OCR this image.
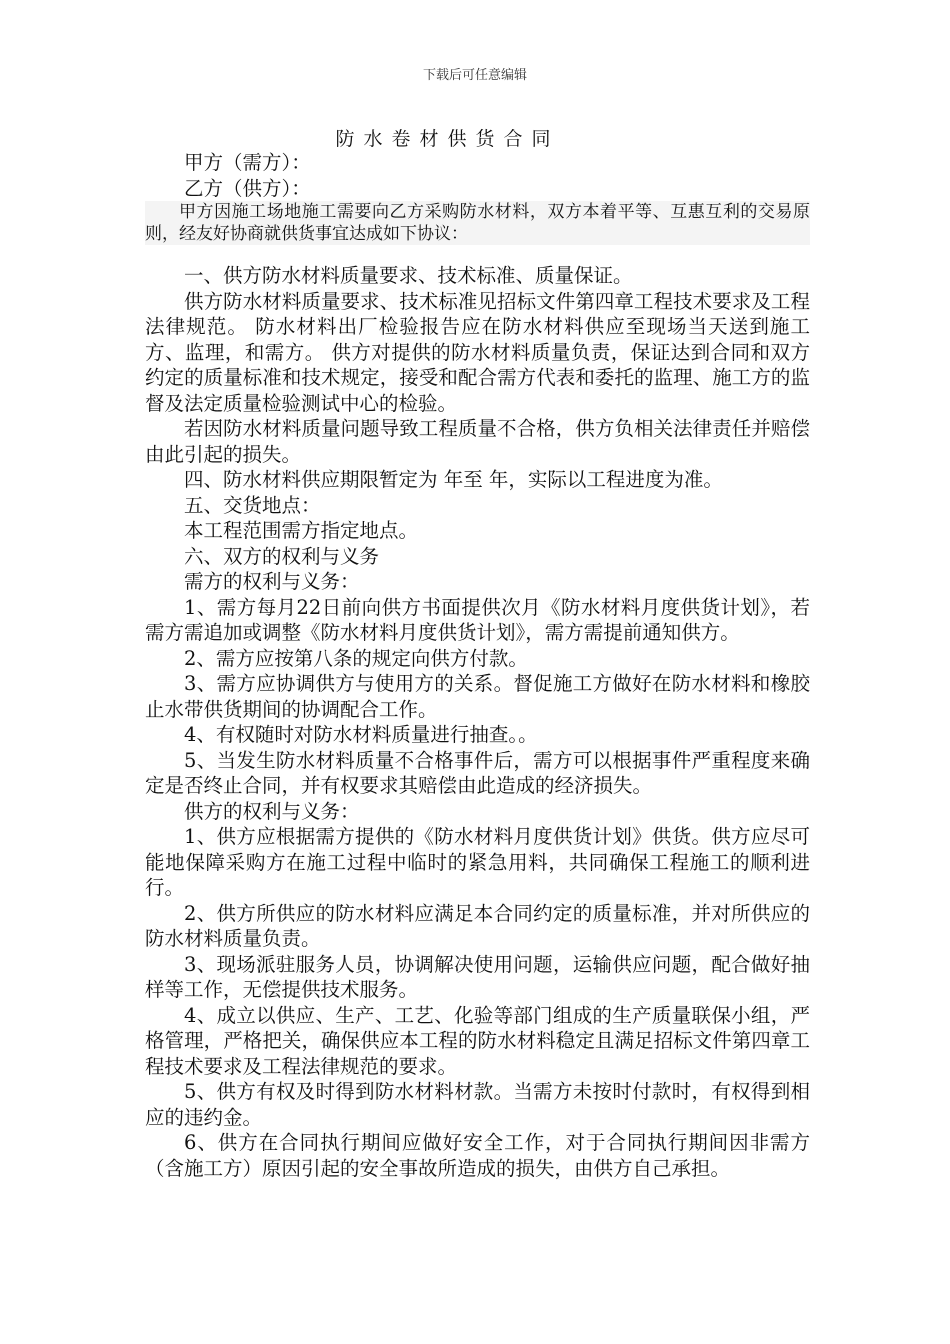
下载后可任意编辑
防水卷材供货合同

甲方（需方）：

乙方（供方）：

甲方因施工场地施工需要向乙方采购防水材料，双方本着平等、互惠互利的交易原则，经友好协商就供货事宜达成如下协议：

一、供方防水材料质量要求、技术标准、质量保证。

供方防水材料质量要求、技术标准见招标文件第四章工程技术要求及工程法律规范。 防水材料出厂检验报告应在防水材料供应至现场当天送到施工方、监理，和需方。 供方对提供的防水材料质量负责，保证达到合同和双方约定的质量标准和技术规定，接受和配合需方代表和委托的监理、施工方的监督及法定质量检验测试中心的检验。

若因防水材料质量问题导致工程质量不合格，供方负相关法律责任并赔偿由此引起的损失。

四、防水材料供应期限暂定为 年至 年，实际以工程进度为准。

五、交货地点：

本工程范围需方指定地点。

六、双方的权利与义务

需方的权利与义务：

1、需方每月22日前向供方书面提供次月《防水材料月度供货计划》，若需方需追加或调整《防水材料月度供货计划》，需方需提前通知供方。

2、需方应按第八条的规定向供方付款。

3、需方应协调供方与使用方的关系。督促施工方做好在防水材料和橡胶止水带供货期间的协调配合工作。

4、有权随时对防水材料质量进行抽查。。

5、当发生防水材料质量不合格事件后，需方可以根据事件严重程度来确定是否终止合同，并有权要求其赔偿由此造成的经济损失。

供方的权利与义务：

1、供方应根据需方提供的《防水材料月度供货计划》供货。供方应尽可能地保障采购方在施工过程中临时的紧急用料，共同确保工程施工的顺利进行。

2、供方所供应的防水材料应满足本合同约定的质量标准，并对所供应的防水材料质量负责。

3、现场派驻服务人员，协调解决使用问题，运输供应问题，配合做好抽样等工作，无偿提供技术服务。

4、成立以供应、生产、工艺、化验等部门组成的生产质量联保小组，严格管理，严格把关，确保供应本工程的防水材料稳定且满足招标文件第四章工程技术要求及工程法律规范的要求。

5、供方有权及时得到防水材料材款。当需方未按时付款时，有权得到相应的违约金。

6、供方在合同执行期间应做好安全工作，对于合同执行期间因非需方（含施工方）原因引起的安全事故所造成的损失，由供方自己承担。
